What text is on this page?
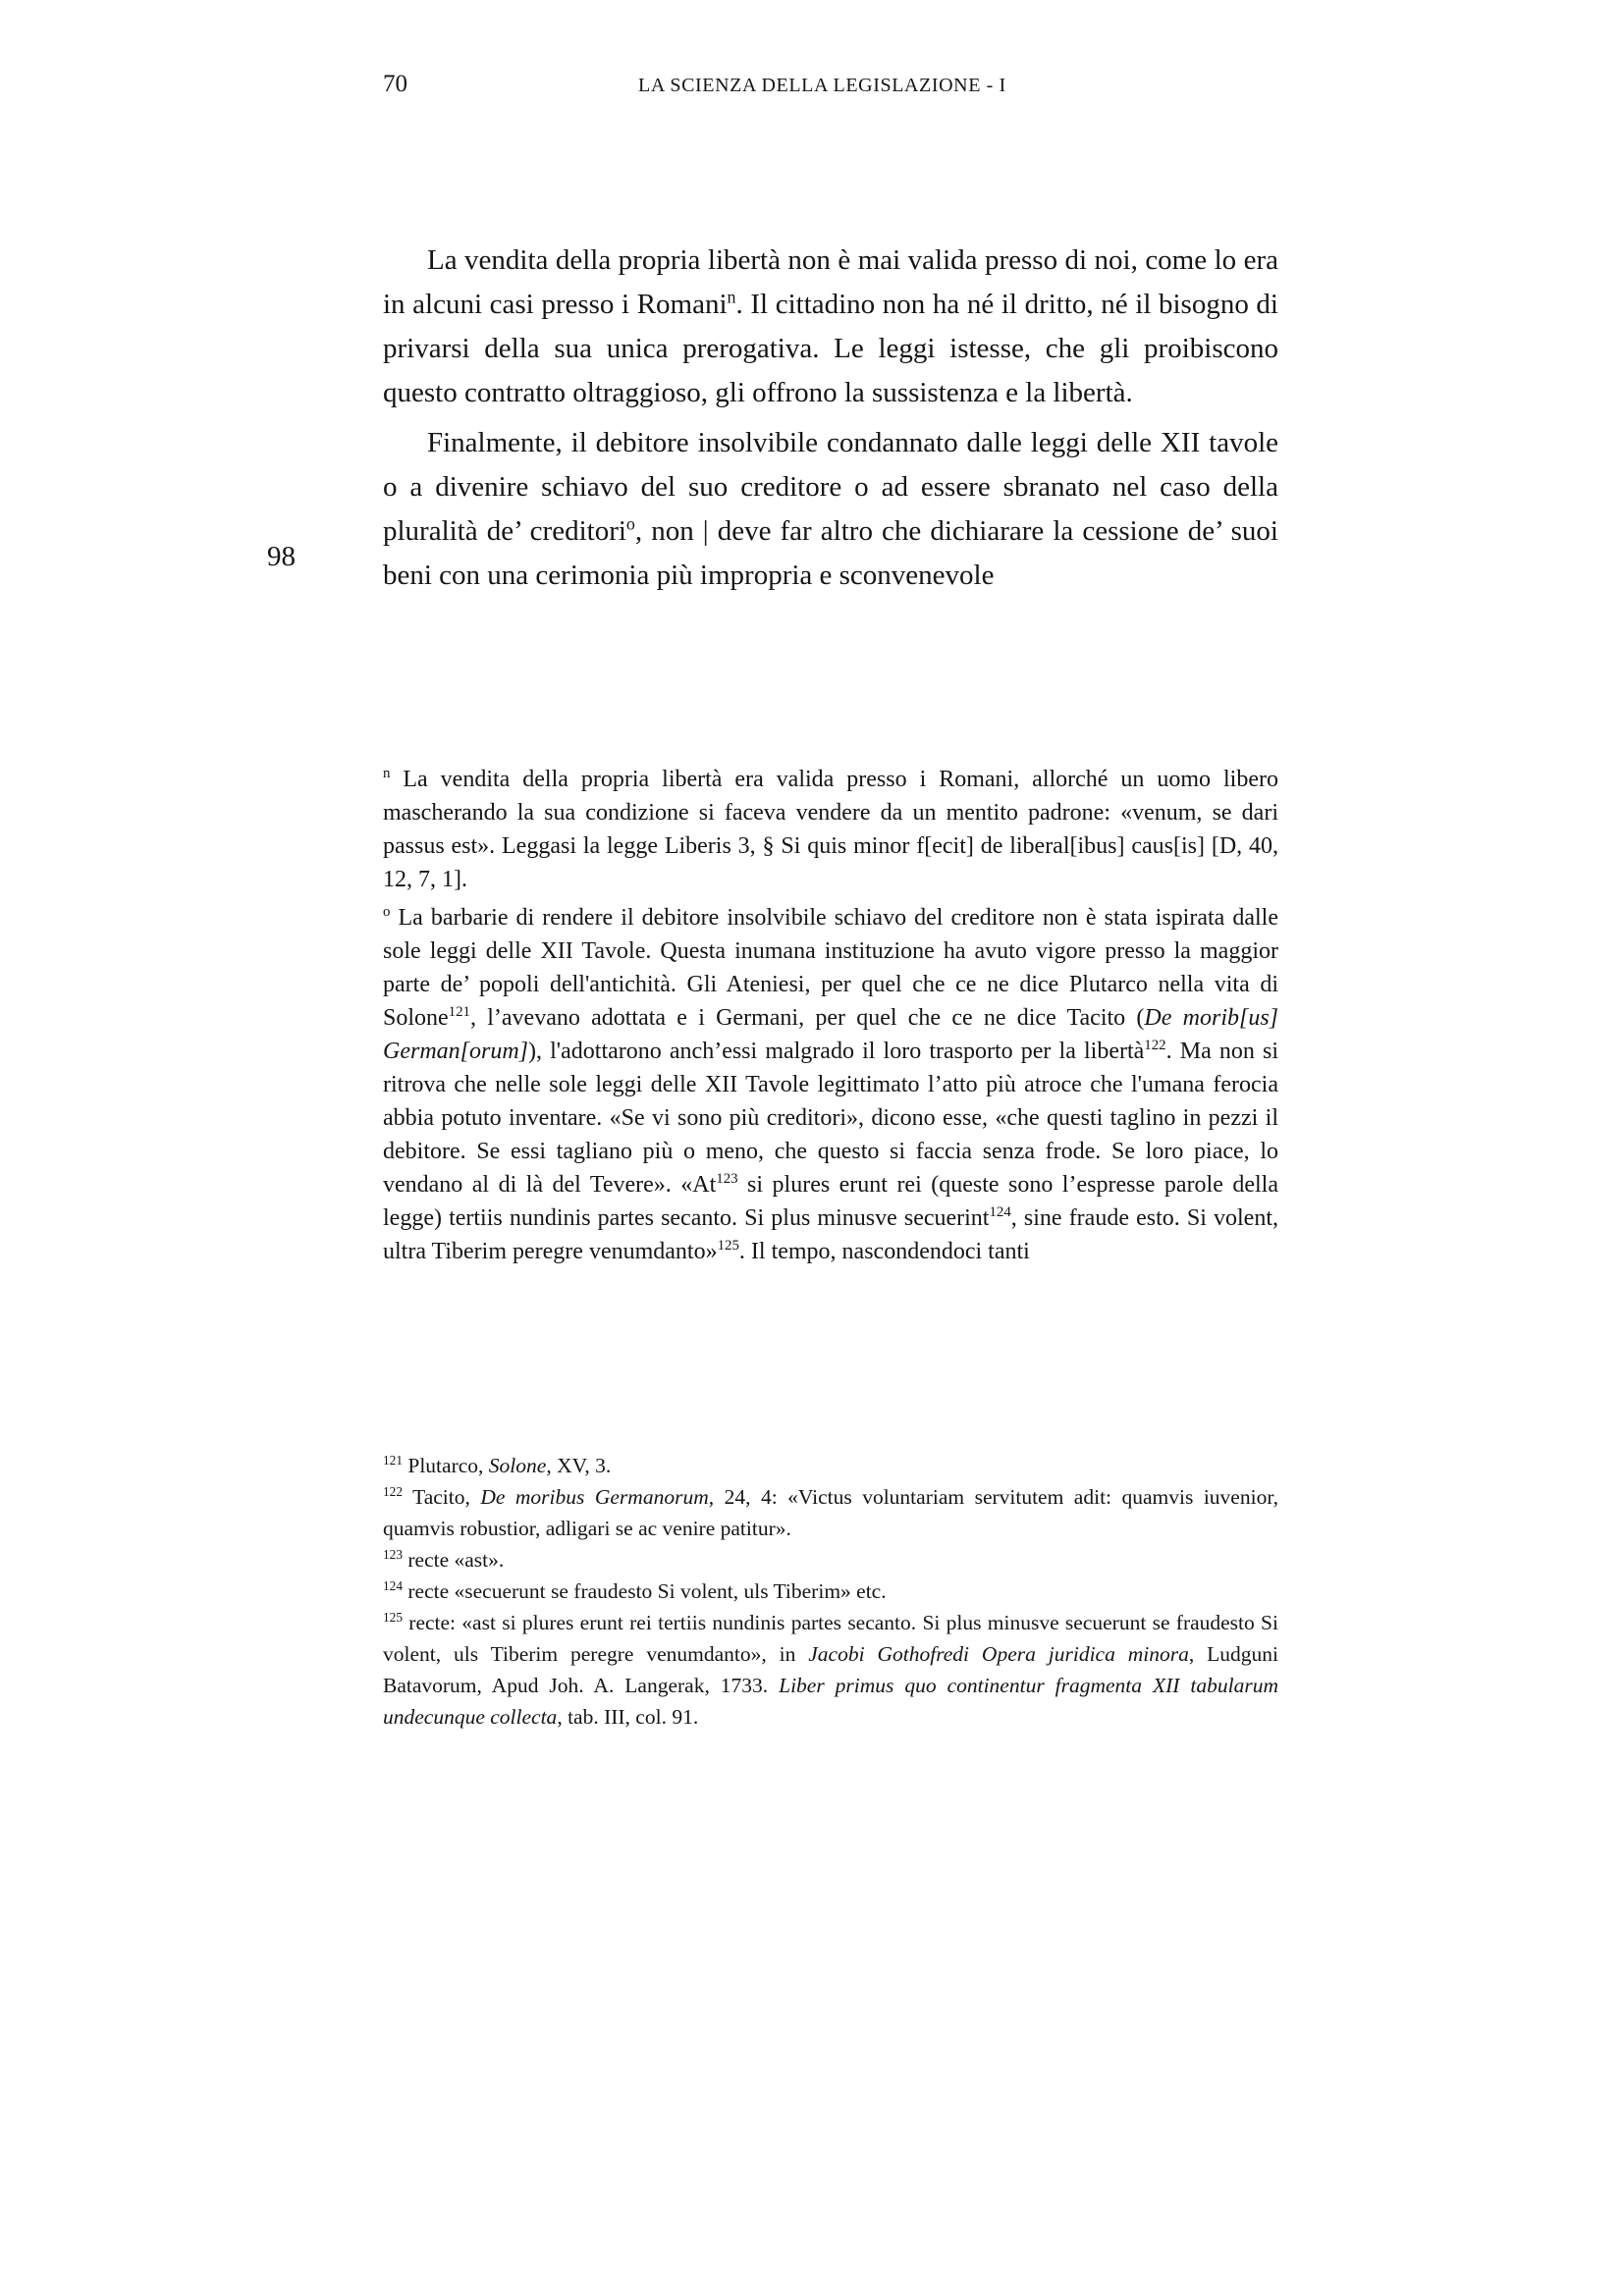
70	LA SCIENZA DELLA LEGISLAZIONE - I
98

La vendita della propria libertà non è mai valida presso di noi, come lo era in alcuni casi presso i Romani$^n$. Il cittadino non ha né il dritto, né il bisogno di privarsi della sua unica prerogativa. Le leggi istesse, che gli proibiscono questo contratto oltraggioso, gli offrono la sussistenza e la libertà.

Finalmente, il debitore insolvibile condannato dalle leggi delle XII tavole o a divenire schiavo del suo creditore o ad essere sbranato nel caso della pluralità de’ creditori$^o$, non | deve far altro che dichiarare la cessione de’ suoi beni con una cerimonia più impropria e sconvenevole

$^n$ La vendita della propria libertà era valida presso i Romani, allorché un uomo libero mascherando la sua condizione si faceva vendere da un mentito padrone: «venum, se dari passus est». Leggasi la legge Liberis 3, § Si quis minor f[ecit] de liberal[ibus] caus[is] [D, 40, 12, 7, 1].

$^o$ La barbarie di rendere il debitore insolvibile schiavo del creditore non è stata ispirata dalle sole leggi delle XII Tavole. Questa inumana instituzione ha avuto vigore presso la maggior parte de’ popoli dell'antichità. Gli Ateniesi, per quel che ce ne dice Plutarco nella vita di Solone$^{121}$, l’avevano adottata e i Germani, per quel che ce ne dice Tacito (De morib[us] German[orum]), l'adottarono anch’essi malgrado il loro trasporto per la libertà$^{122}$. Ma non si ritrova che nelle sole leggi delle XII Tavole legittimato l’atto più atroce che l'umana ferocia abbia potuto inventare. «Se vi sono più creditori», dicono esse, «che questi taglino in pezzi il debitore. Se essi tagliano più o meno, che questo si faccia senza frode. Se loro piace, lo vendano al di là del Tevere». «At$^{123}$ si plures erunt rei (queste sono l’espresse parole della legge) tertiis nundinis partes secanto. Si plus minusve secuerint$^{124}$, sine fraude esto. Si volent, ultra Tiberim peregre venumdanto»$^{125}$. Il tempo, nascondendoci tanti

$^{121}$ Plutarco, Solone, XV, 3.

$^{122}$ Tacito, De moribus Germanorum, 24, 4: «Victus voluntariam servitutem adit: quamvis iuvenior, quamvis robustior, adligari se ac venire patitur».

$^{123}$ recte «ast».

$^{124}$ recte «secuerunt se fraudesto Si volent, uls Tiberim» etc.

$^{125}$ recte: «ast si plures erunt rei tertiis nundinis partes secanto. Si plus minusve secuerunt se fraudesto Si volent, uls Tiberim peregre venumdanto», in Jacobi Gothofredi Opera juridica minora, Ludguni Batavorum, Apud Joh. A. Langerak, 1733. Liber primus quo continentur fragmenta XII tabularum undecunque collecta, tab. III, col. 91.
